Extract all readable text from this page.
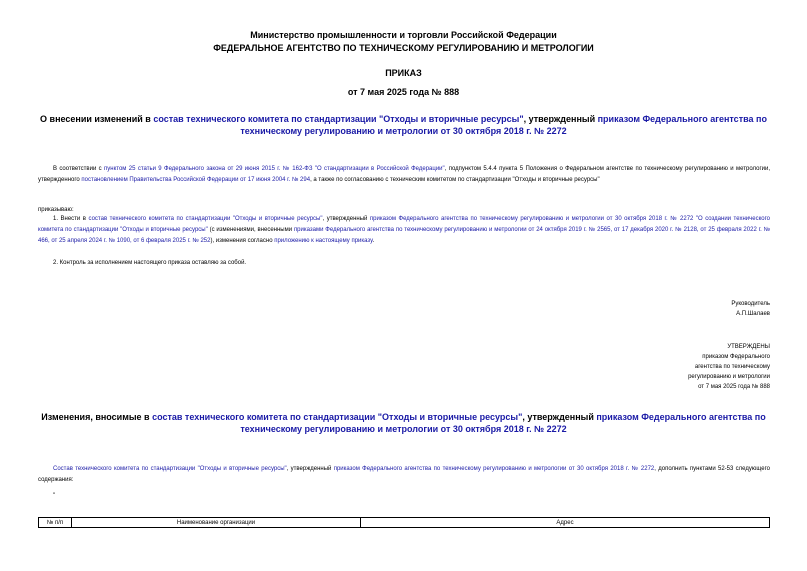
Министерство промышленности и торговли Российской Федерации
ФЕДЕРАЛЬНОЕ АГЕНТСТВО ПО ТЕХНИЧЕСКОМУ РЕГУЛИРОВАНИЮ И МЕТРОЛОГИИ
ПРИКАЗ
от 7 мая 2025 года № 888
О внесении изменений в состав технического комитета по стандартизации "Отходы и вторичные ресурсы", утвержденный приказом Федерального агентства по техническому регулированию и метрологии от 30 октября 2018 г. № 2272

В соответствии с пунктом 25 статьи 9 Федерального закона от 29 июня 2015 г. № 162-ФЗ "О стандартизации в Российской Федерации", подпунктом 5.4.4 пункта 5 Положения о Федеральном агентстве по техническому регулированию и метрологии, утвержденного постановлением Правительства Российской Федерации от 17 июня 2004 г. № 294, а также по согласованию с техническим комитетом по стандартизации "Отходы и вторичные ресурсы"

приказываю:

1. Внести в состав технического комитета по стандартизации "Отходы и вторичные ресурсы", утвержденный приказом Федерального агентства по техническому регулированию и метрологии от 30 октября 2018 г. № 2272 "О создании технического комитета по стандартизации "Отходы и вторичные ресурсы" (с изменениями, внесенными приказами Федерального агентства по техническому регулированию и метрологии от 24 октября 2019 г. № 2565, от 17 декабря 2020 г. № 2128, от 25 февраля 2022 г. № 466, от 25 апреля 2024 г. № 1090, от 6 февраля 2025 г. № 252), изменения согласно приложению к настоящему приказу.

2. Контроль за исполнением настоящего приказа оставляю за собой.
Руководитель
А.П.Шалаев
УТВЕРЖДЕНЫ
приказом Федерального
агентства по техническому
регулированию и метрологии
от 7 мая 2025 года № 888
Изменения, вносимые в состав технического комитета по стандартизации "Отходы и вторичные ресурсы", утвержденный приказом Федерального агентства по техническому регулированию и метрологии от 30 октября 2018 г. № 2272

Состав технического комитета по стандартизации "Отходы и вторичные ресурсы", утвержденный приказом Федерального агентства по техническому регулированию и метрологии от 30 октября 2018 г. № 2272, дополнить пунктами 52-53 следующего содержания:

"
№ п/п	Наименование организации	Адрес
